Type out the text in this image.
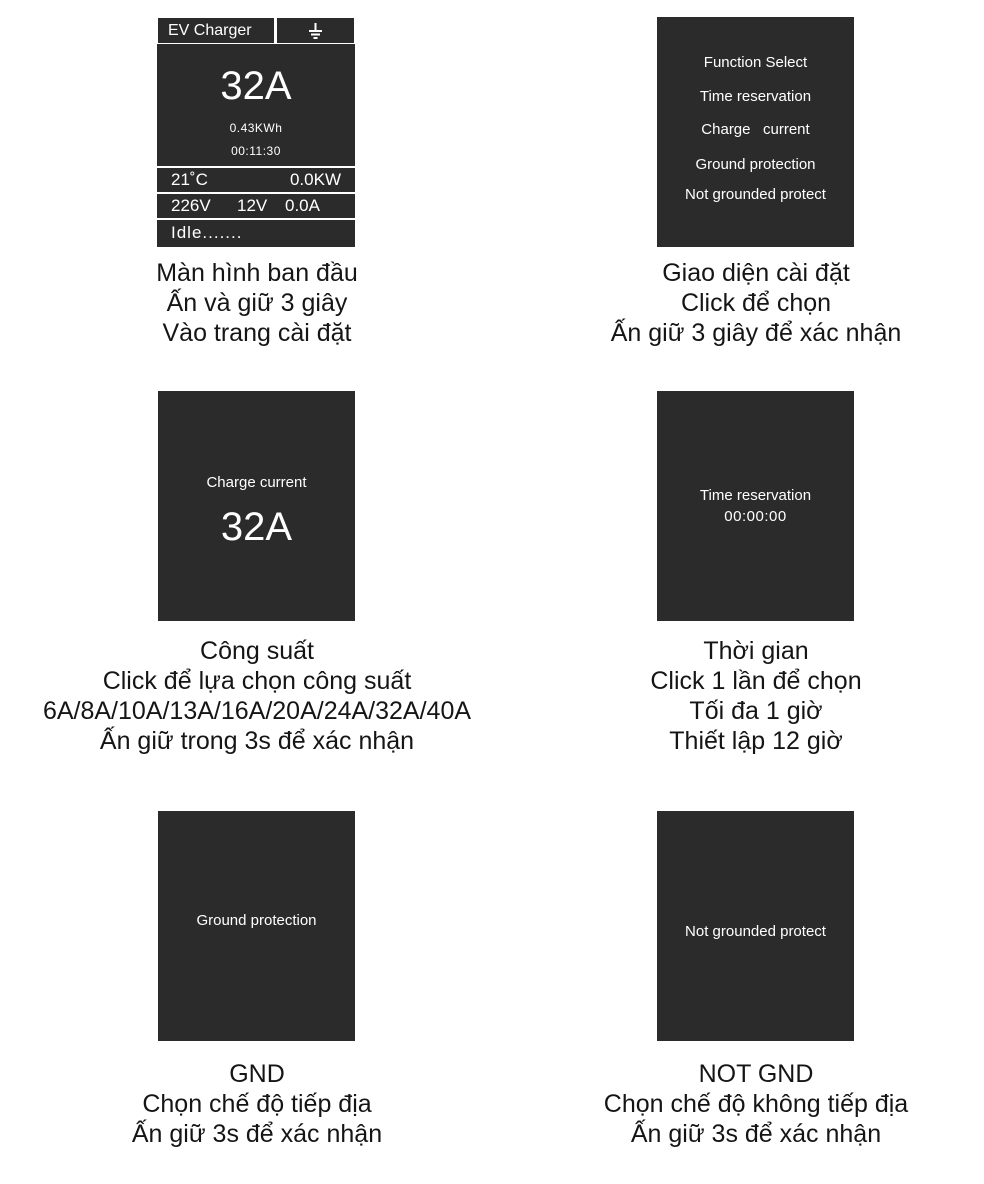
EV Charger
32A
0.43KWh
00:11:30
21˚C	0.0KW
226V 12V 0.0A
Idle.......
Màn hình ban đầu
Ấn và giữ 3 giây
Vào trang cài đặt
Function Select
Time reservation
Charge   current
Ground protection
Not grounded protect
Giao diện cài đặt
Click để chọn
Ấn giữ 3 giây để xác nhận
Charge current
32A
Công suất
Click để lựa chọn công suất
6A/8A/10A/13A/16A/20A/24A/32A/40A
Ấn giữ trong 3s để xác nhận
Time reservation
00:00:00
Thời gian
Click 1 lần để chọn
Tối đa 1 giờ
Thiết lập 12 giờ
Ground protection
GND
Chọn chế độ tiếp địa
Ấn giữ 3s để xác nhận
Not grounded protect
NOT GND
Chọn chế độ không tiếp địa
Ấn giữ 3s để xác nhận
